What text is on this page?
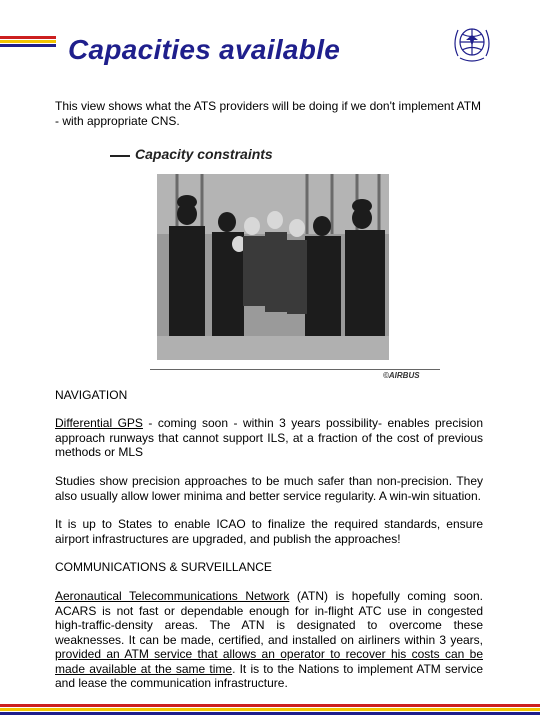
Capacities available
This view shows what the ATS providers will be doing if we don't implement ATM - with appropriate CNS.
Capacity constraints
©AIRBUS
NAVIGATION
Differential GPS - coming soon - within 3 years possibility- enables precision approach runways that cannot support ILS, at a fraction of the cost of previous methods or MLS
Studies show precision approaches to be much safer than non-precision. They also usually allow lower minima and better service regularity. A win-win situation.
It is up to States to enable ICAO to finalize the required standards, ensure airport infrastructures are upgraded, and publish the approaches!
COMMUNICATIONS & SURVEILLANCE
Aeronautical Telecommunications Network (ATN) is hopefully coming soon. ACARS is not fast or dependable enough for in-flight ATC use in congested high-traffic-density areas. The ATN is designated to overcome these weaknesses. It can be made, certified, and installed on airliners within 3 years, provided an ATM service that allows an operator to recover his costs can be made available at the same time. It is to the Nations to implement ATM service and lease the communication infrastructure.
